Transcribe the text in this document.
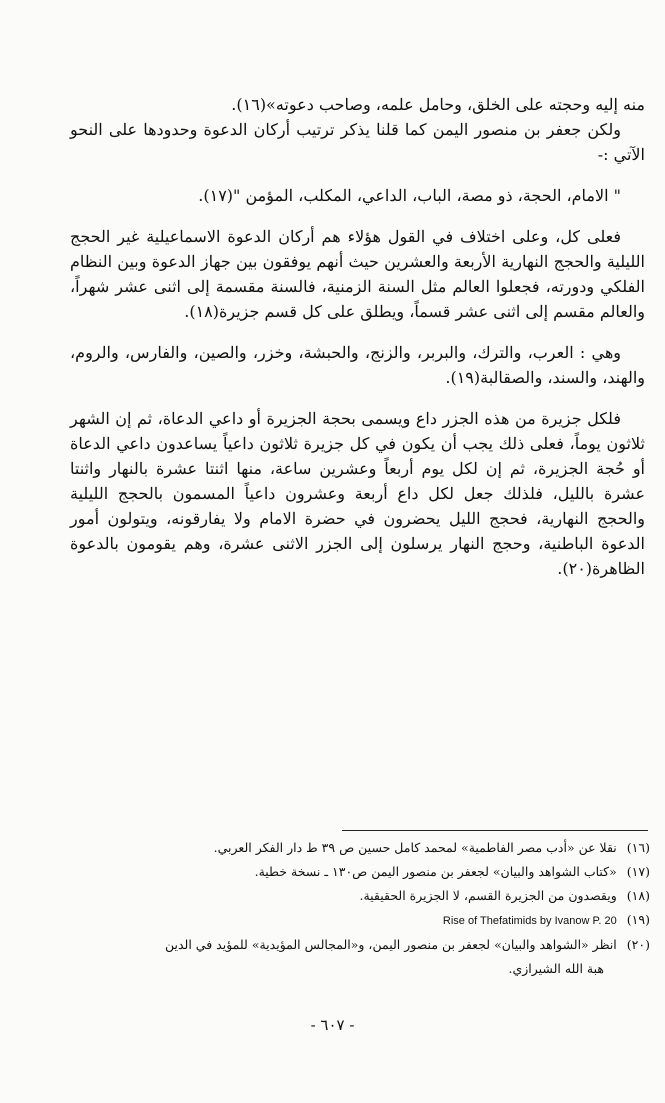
منه إليه وحجته على الخلق، وحامل علمه، وصاحب دعوته»(١٦).

ولكن جعفر بن منصور اليمن كما قلنا يذكر ترتيب أركان الدعوة وحدودها على النحو الآتي :-

" الامام، الحجة، ذو مصة، الباب، الداعي، المكلب، المؤمن "(١٧).

فعلى كل، وعلى اختلاف في القول هؤلاء هم أركان الدعوة الاسماعيلية غير الحجج الليلية والحجج النهارية الأربعة والعشرين حيث أنهم يوفقون بين جهاز الدعوة وبين النظام الفلكي ودورته، فجعلوا العالم مثل السنة الزمنية، فالسنة مقسمة إلى اثنى عشر شهراً، والعالم مقسم إلى اثنى عشر قسماً، ويطلق على كل قسم جزيرة(١٨).

وهي : العرب، والترك، والبربر، والزنج، والحبشة، وخزر، والصين، والفارس، والروم، والهند، والسند، والصقالبة(١٩).

فلكل جزيرة من هذه الجزر داع ويسمى بحجة الجزيرة أو داعي الدعاة، ثم إن الشهر ثلاثون يوماً، فعلى ذلك يجب أن يكون في كل جزيرة ثلاثون داعياً يساعدون داعي الدعاة أو حُجة الجزيرة، ثم إن لكل يوم أربعاً وعشرين ساعة، منها اثنتا عشرة بالنهار واثنتا عشرة بالليل، فلذلك جعل لكل داع أربعة وعشرون داعياً المسمون بالحجج الليلية والحجج النهارية، فحجج الليل يحضرون في حضرة الامام ولا يفارقونه، ويتولون أمور الدعوة الباطنية، وحجج النهار يرسلون إلى الجزر الاثنى عشرة، وهم يقومون بالدعوة الظاهرة(٢٠).

(١٦)نقلا عن «أدب مصر الفاطمية» لمحمد كامل حسين ص ٣٩ ط دار الفكر العربي.

(١٧)«كتاب الشواهد والبيان» لجعفر بن منصور اليمن ص١٣٠ ـ نسخة خطية.

(١٨)ويقصدون من الجزيرة القسم، لا الجزيرة الحقيقية.

(١٩)Rise of Thefatimids by Ivanow P. 20

(٢٠)انظر «الشواهد والبيان» لجعفر بن منصور اليمن، و«المجالس المؤيدية» للمؤيد في الدين

هبة الله الشيرازي.

- ٦٠٧ -
